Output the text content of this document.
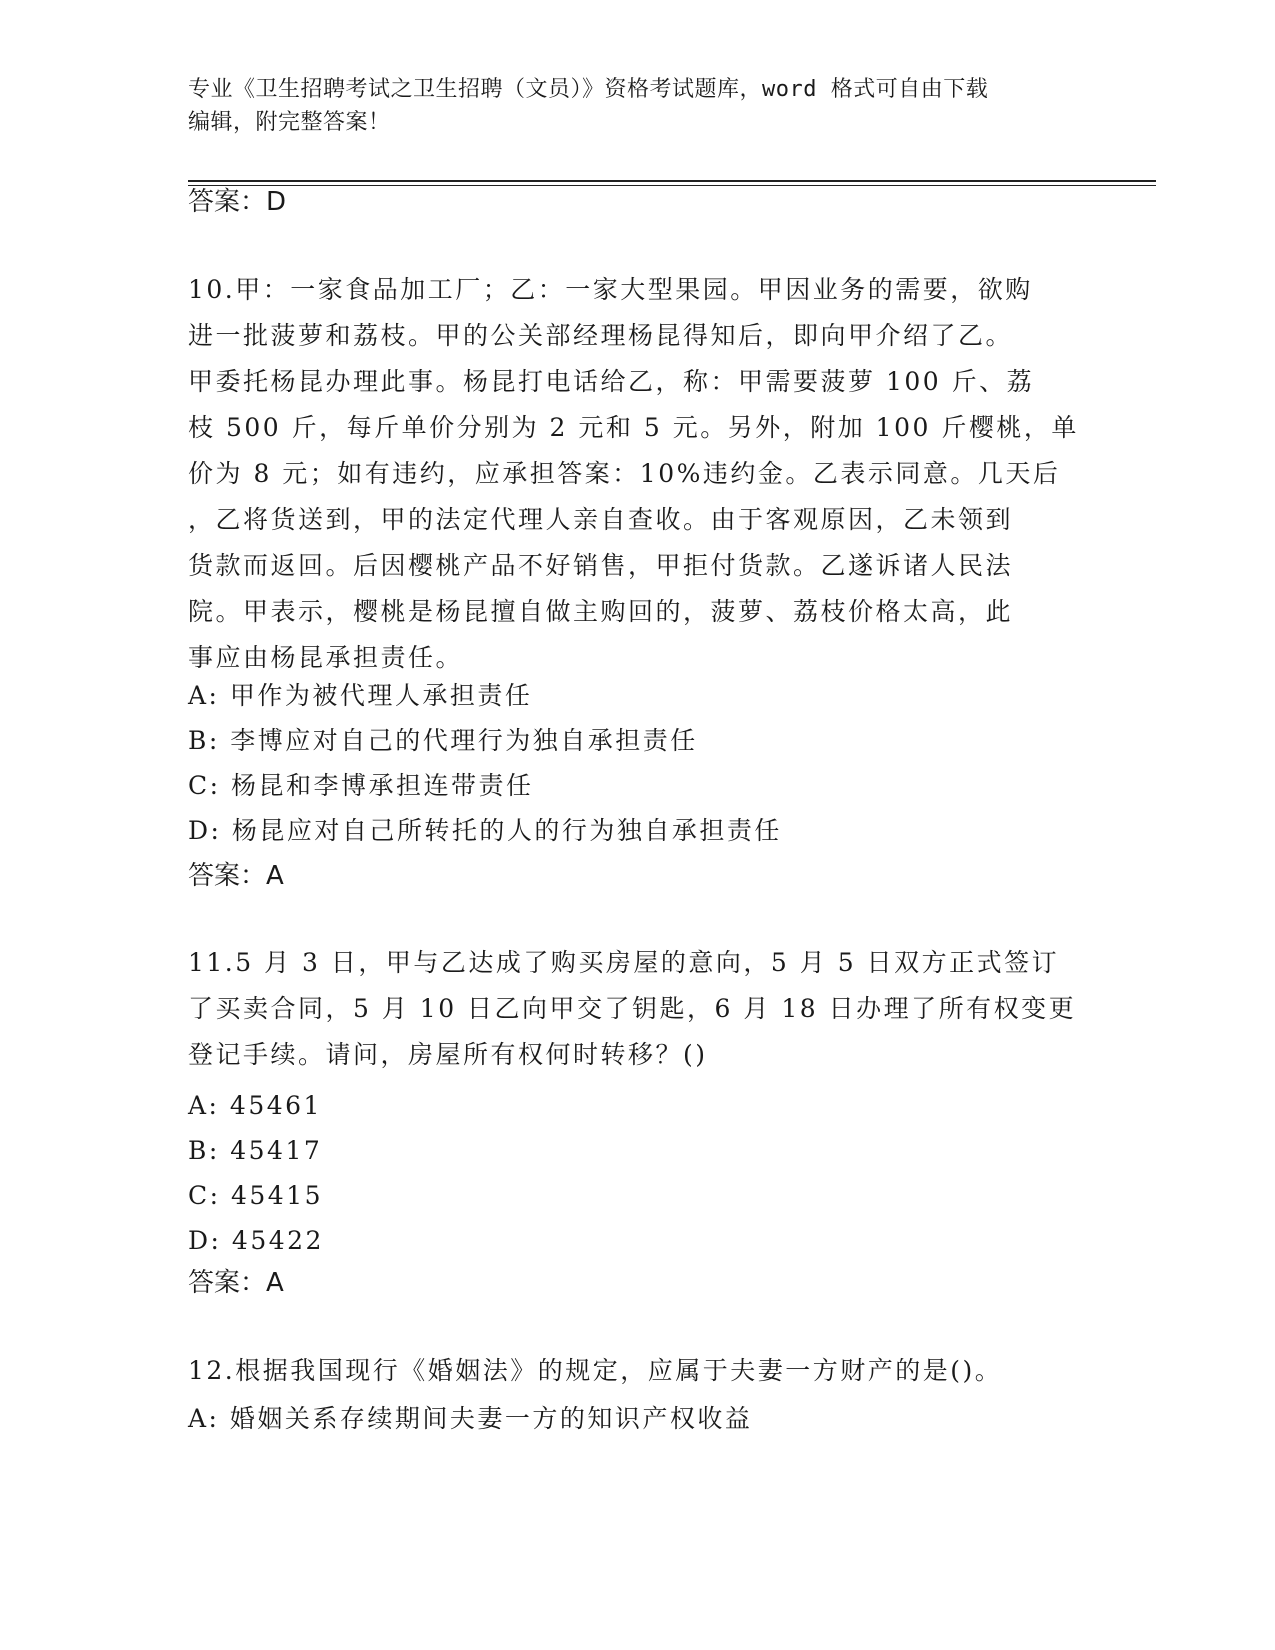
专业《卫生招聘考试之卫生招聘（文员）》资格考试题库，word 格式可自由下载
编辑，附完整答案！
答案：D
10.甲：一家食品加工厂；乙：一家大型果园。甲因业务的需要，欲购
进一批菠萝和荔枝。甲的公关部经理杨昆得知后，即向甲介绍了乙。
甲委托杨昆办理此事。杨昆打电话给乙，称：甲需要菠萝 100 斤、荔
枝 500 斤，每斤单价分别为 2 元和 5 元。另外，附加 100 斤樱桃，单
价为 8 元；如有违约，应承担答案：10%违约金。乙表示同意。几天后
，乙将货送到，甲的法定代理人亲自查收。由于客观原因，乙未领到
货款而返回。后因樱桃产品不好销售，甲拒付货款。乙遂诉诸人民法
院。甲表示，樱桃是杨昆擅自做主购回的，菠萝、荔枝价格太高，此
事应由杨昆承担责任。
A: 甲作为被代理人承担责任
B: 李博应对自己的代理行为独自承担责任
C: 杨昆和李博承担连带责任
D: 杨昆应对自己所转托的人的行为独自承担责任
答案：A
11.5 月 3 日，甲与乙达成了购买房屋的意向，5 月 5 日双方正式签订
了买卖合同，5 月 10 日乙向甲交了钥匙，6 月 18 日办理了所有权变更
登记手续。请问，房屋所有权何时转移？()
A: 45461
B: 45417
C: 45415
D: 45422
答案：A
12.根据我国现行《婚姻法》的规定，应属于夫妻一方财产的是()。
A: 婚姻关系存续期间夫妻一方的知识产权收益
